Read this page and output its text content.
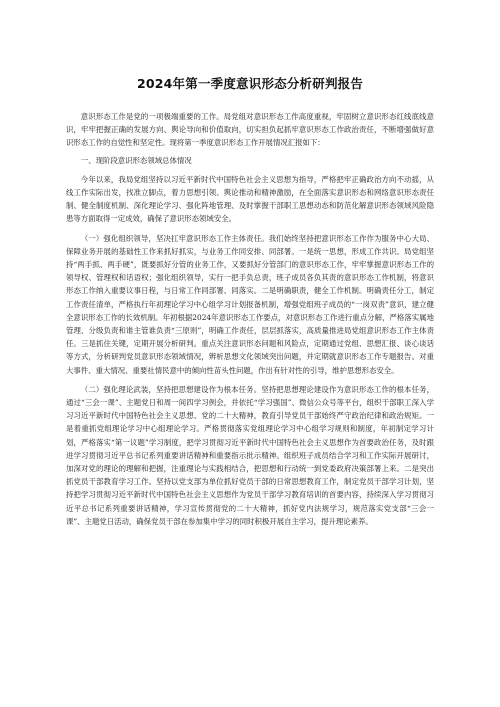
2024年第一季度意识形态分析研判报告

意识形态工作是党的一项极端重要的工作。局党组对意识形态工作高度重视，牢固树立意识形态红线底线意识，牢牢把握正确的发展方向、舆论导向和价值取向，切实担负起抓牢意识形态工作政治责任，不断增强做好意识形态工作的自觉性和坚定性。现将第一季度意识形态工作开展情况汇报如下：

一、现阶段意识形态领域总体情况

今年以来，我局党组坚持以习近平新时代中国特色社会主义思想为指导，严格把牢正确政治方向不动摇，从线工作实际出发，找准立脚点，着力思想引领、舆论推动和精神激励，在全面落实意识形态和网络意识形态责任制、健全制度机制、深化理论学习、强化阵地管理、及时掌握干部职工思想动态和防范化解意识形态领域风险隐患等方面取得一定成效，确保了意识形态领域安全。

（一）强化组织领导，坚决扛牢意识形态工作主体责任。我们始终坚持把意识形态工作作为服务中心大局、保障业务开展的基础性工作来抓好抓实，与业务工作同安排、同部署。一是统一思想，形成工作共识。局党组坚持“两手抓、两手硬”，既要抓好分管的业务工作，又要抓好分管部门的意识形态工作，牢牢掌握意识形态工作的领导权、管理权和话语权；强化组织领导，实行一把手负总责，班子成员各负其责的意识形态工作机制，将意识形态工作纳入重要议事日程，与日常工作同部署、同落实。二是明确职责，健全工作机制。明确责任分工，制定工作责任清单，严格执行年初理论学习中心组学习计划报备机制，增强党组班子成员的“一岗双责”意识，建立健全意识形态工作的长效机制。年初根据2024年意识形态工作要点，对意识形态工作进行重点分解，严格落实属地管理、分级负责和谁主管谁负责“三原则”，明确工作责任，层层抓落实，高质量推进局党组意识形态工作主体责任。三是抓住关键，定期开展分析研判。重点关注意识形态问题和风险点，定期通过党组、思想汇报、谈心谈话等方式，分析研判党员意识形态领域情况，辨析思想文化领域突出问题，并定期就意识形态工作专题报告。对重大事件、重大情况、重要社情民意中的倾向性苗头性问题，作出有针对性的引导，维护思想形态安全。

（二）强化理论武装，坚持把思想建设作为根本任务。坚持把思想理论建设作为意识形态工作的根本任务，通过“三会一课”、主题党日和周一间四学习例会，并依托“学习强国”、微信公众号等平台，组织干部职工深入学习习近平新时代中国特色社会主义思想、党的二十大精神，教育引导党员干部始终严守政治纪律和政治规矩。一是着重抓党组理论学习中心组理论学习。严格贯彻落实党组理论学习中心组学习规则和制度，年初制定学习计划，严格落实“第一议题”学习制度，把学习贯彻习近平新时代中国特色社会主义思想作为首要政治任务，及时跟进学习贯彻习近平总书记系列重要讲话精神和重要指示批示精神。组织班子成员结合学习和工作实际开展研讨，加深对党的理论的理解和把握，注重理论与实践相结合，把思想和行动统一到党委政府决策部署上来。二是突出抓党员干部教育学习工作。坚持以党支部为单位抓好党员干部的日常思想教育工作，制定党员干部学习计划，坚持把学习贯彻习近平新时代中国特色社会主义思想作为党员干部学习教育培训的首要内容，持续深入学习贯彻习近平总书记系列重要讲话精神，学习宣传贯彻党的二十大精神，抓好党内法规学习，规范落实党支部“三会一课”、主题党日活动，确保党员干部在参加集中学习的同时积极开展自主学习，提升理论素养。
